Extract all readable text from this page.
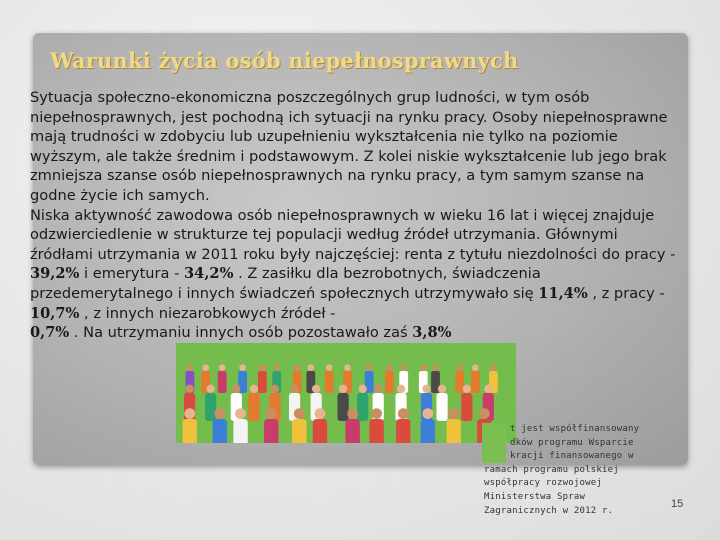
Warunki życia osób niepełnosprawnych
Sytuacja społeczno-ekonomiczna poszczególnych grup ludności, w tym osób niepełnosprawnych, jest pochodną ich sytuacji na rynku pracy. Osoby niepełnosprawne mają trudności w zdobyciu lub uzupełnieniu wykształcenia nie tylko na poziomie wyższym, ale także średnim i podstawowym. Z kolei niskie wykształcenie lub jego brak zmniejsza szanse osób niepełnosprawnych na rynku pracy, a tym samym szanse na godne życie ich samych.
Niska aktywność zawodowa osób niepełnosprawnych w wieku 16 lat i więcej znajduje odzwierciedlenie w strukturze tej populacji według źródeł utrzymania. Głównymi źródłami utrzymania w 2011 roku były najczęściej: renta z tytułu niezdolności do pracy - 39,2% i emerytura - 34,2% . Z zasiłku dla bezrobotnych, świadczenia przedemerytalnego i innych świadczeń społecznych utrzymywało się 11,4% , z pracy - 10,7% , z innych niezarobkowych źródeł -
0,7% . Na utrzymaniu innych osób pozostawało zaś 3,8%
t jest współfinansowany
dków programu Wsparcie
kracji finansowanego w
ramach programu polskiej
współpracy rozwojowej
Ministerstwa Spraw
Zagranicznych w 2012 r.
15
